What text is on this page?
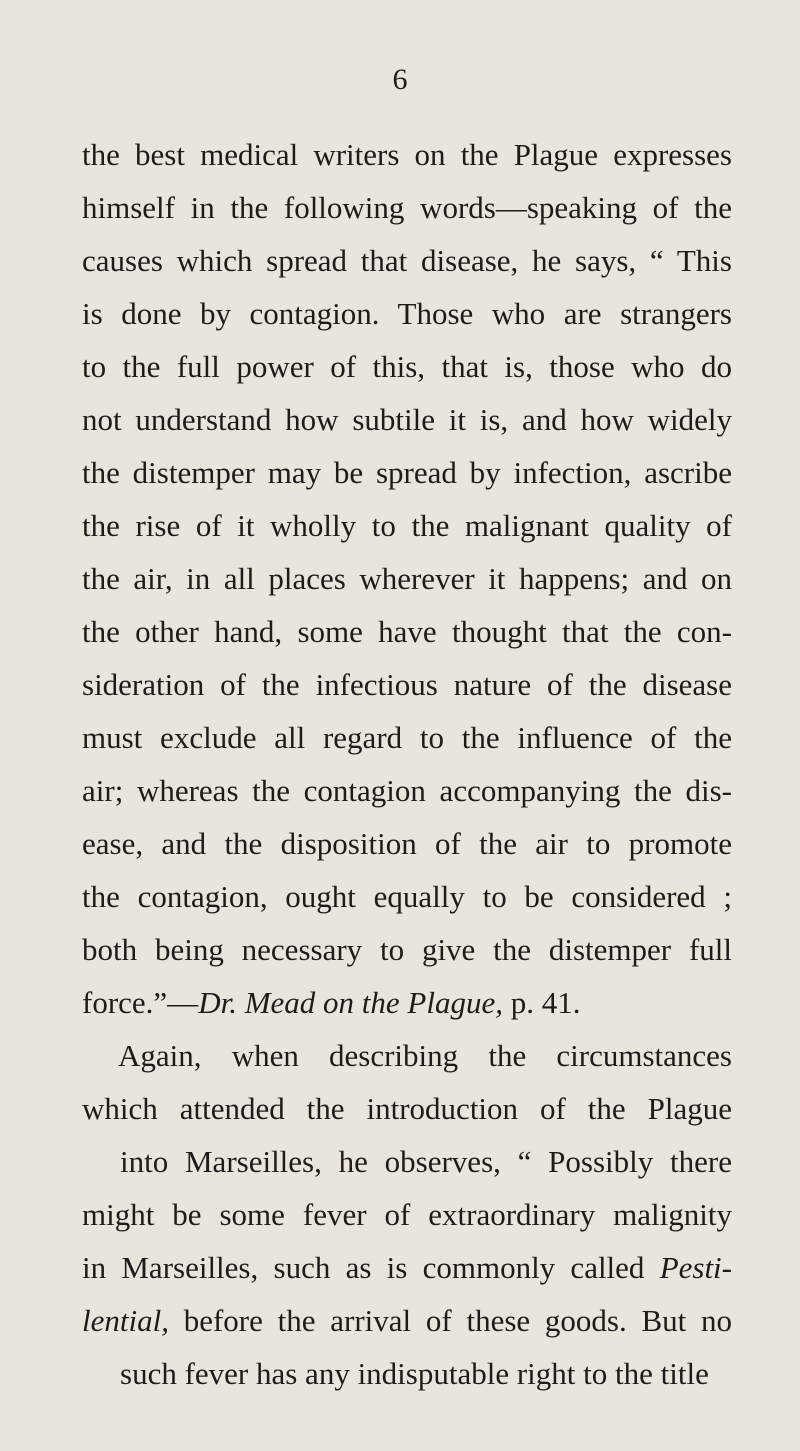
6
the best medical writers on the Plague expresses
himself in the following words—speaking of the
causes which spread that disease, he says, “ This
is done by contagion. Those who are strangers
to the full power of this, that is, those who do
not understand how subtile it is, and how widely
the distemper may be spread by infection, ascribe
the rise of it wholly to the malignant quality of
the air, in all places wherever it happens; and on
the other hand, some have thought that the con-
sideration of the infectious nature of the disease
must exclude all regard to the influence of the
air; whereas the contagion accompanying the dis-
ease, and the disposition of the air to promote
the contagion, ought equally to be considered ;
both being necessary to give the distemper full
force.”—Dr. Mead on the Plague, p. 41.
Again, when describing the circumstances
which attended the introduction of the Plague
into Marseilles, he observes, “ Possibly there
might be some fever of extraordinary malignity
in Marseilles, such as is commonly called Pesti-
lential, before the arrival of these goods. But no
such fever has any indisputable right to the title
